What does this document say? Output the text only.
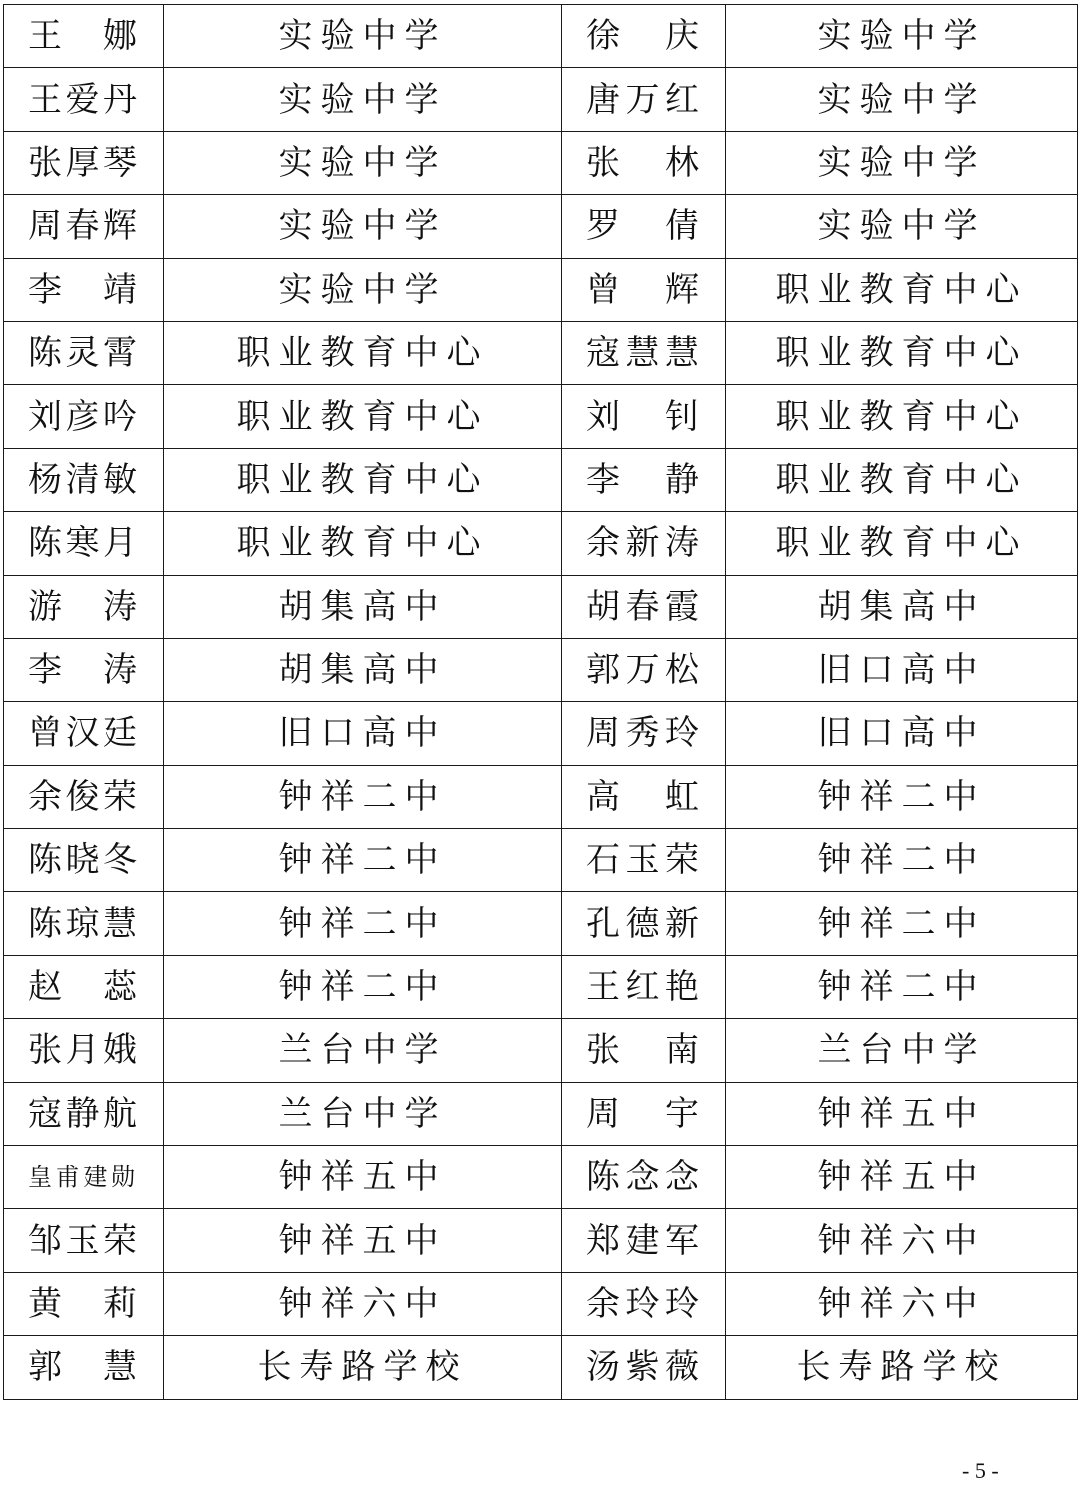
王娜	实验中学	徐庆	实验中学
王爱丹	实验中学	唐万红	实验中学
张厚琴	实验中学	张林	实验中学
周春辉	实验中学	罗倩	实验中学
李靖	实验中学	曾辉	职业教育中心
陈灵霄	职业教育中心	寇慧慧	职业教育中心
刘彦吟	职业教育中心	刘钊	职业教育中心
杨清敏	职业教育中心	李静	职业教育中心
陈寒月	职业教育中心	余新涛	职业教育中心
游涛	胡集高中	胡春霞	胡集高中
李涛	胡集高中	郭万松	旧口高中
曾汉廷	旧口高中	周秀玲	旧口高中
余俊荣	钟祥二中	高虹	钟祥二中
陈晓冬	钟祥二中	石玉荣	钟祥二中
陈琼慧	钟祥二中	孔德新	钟祥二中
赵蕊	钟祥二中	王红艳	钟祥二中
张月娥	兰台中学	张南	兰台中学
寇静航	兰台中学	周宇	钟祥五中
皇甫建勋	钟祥五中	陈念念	钟祥五中
邹玉荣	钟祥五中	郑建军	钟祥六中
黄莉	钟祥六中	余玲玲	钟祥六中
郭慧	长寿路学校	汤紫薇	长寿路学校
- 5 -
